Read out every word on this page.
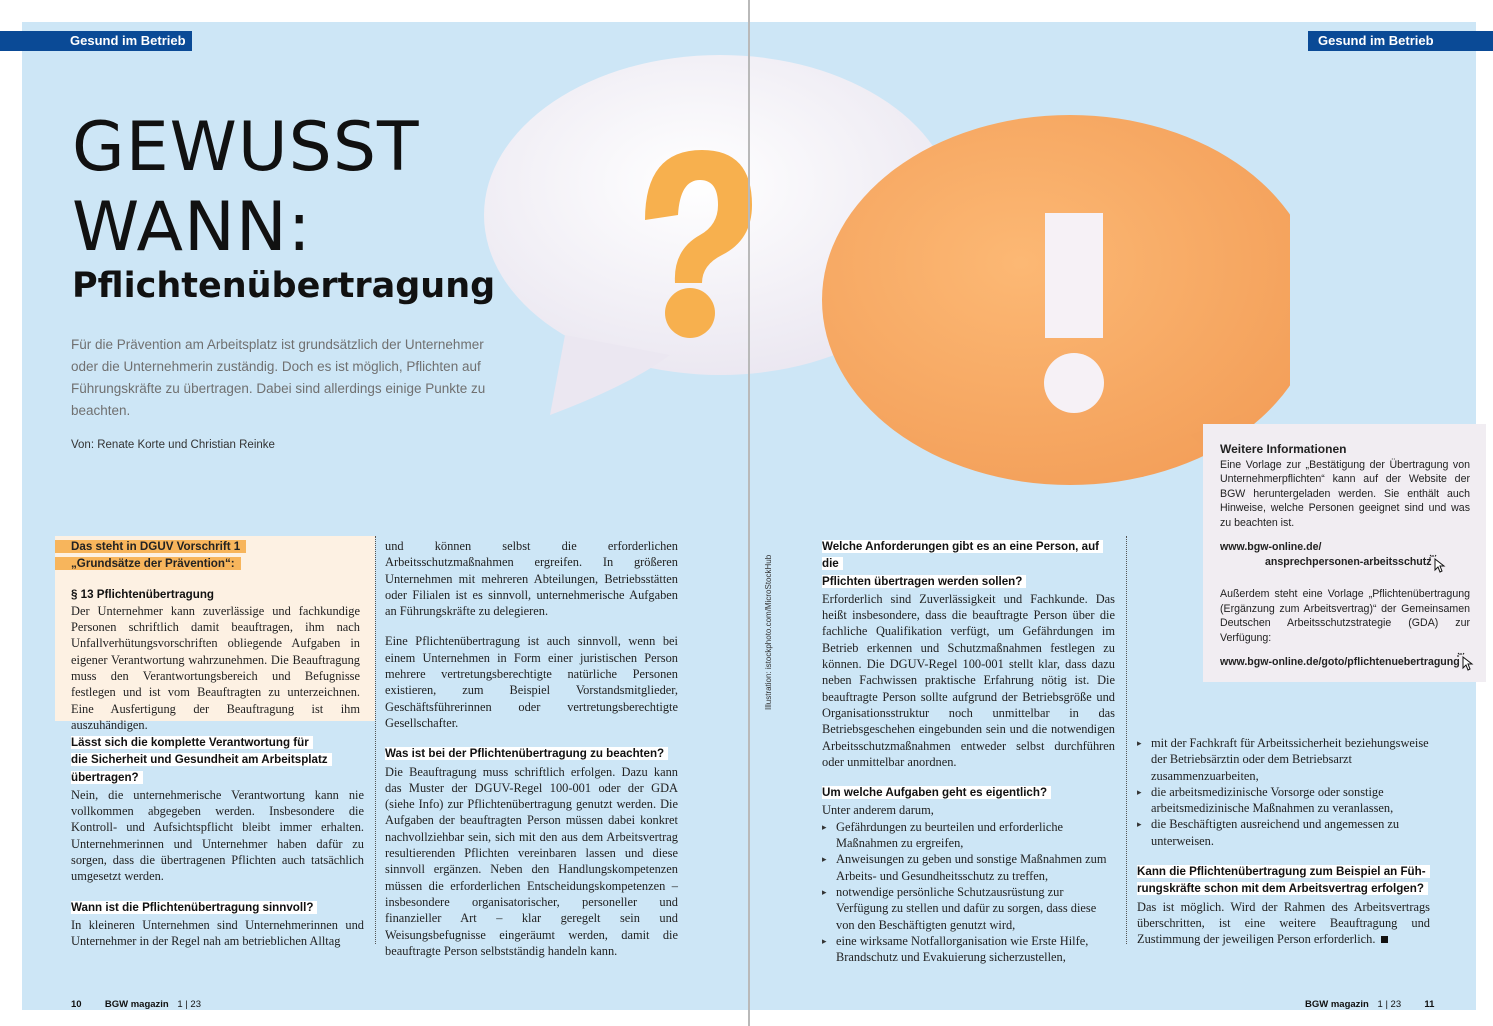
Gesund im Betrieb	Gesund im Betrieb
GEWUSST
WANN:
Pflichtenübertragung
Für die Prävention am Arbeitsplatz ist grundsätzlich der Unternehmer oder die Unternehmerin zuständig. Doch es ist möglich, Pflichten auf Führungskräfte zu übertragen. Dabei sind allerdings einige Punkte zu beachten.
Von: Renate Korte und Christian Reinke
Illustration: istockphoto.com/MicroStockHub
Das steht in DGUV Vorschrift 1
„Grundsätze der Prävention“:
§ 13 Pflichtenübertragung

Der Unternehmer kann zuverlässige und fachkundige Personen schriftlich damit beauftragen, ihm nach Unfallverhütungsvorschriften obliegende Aufgaben in eigener Verantwortung wahrzunehmen. Die Beauftragung muss den Verantwortungsbereich und Befugnisse festlegen und ist vom Beauftragten zu unterzeichnen. Eine Ausfertigung der Beauftragung ist ihm auszuhändigen.

Lässt sich die komplette Verantwortung für
die Sicherheit und Gesundheit am Arbeitsplatz
übertragen?

Nein, die unternehmerische Verantwortung kann nie vollkommen abgegeben werden. Insbesondere die Kontroll- und Aufsichtspflicht bleibt immer erhalten. Unternehmerinnen und Unternehmer haben dafür zu sorgen, dass die übertragenen Pflichten auch tatsächlich umgesetzt werden.

Wann ist die Pflichtenübertragung sinnvoll?

In kleineren Unternehmen sind Unternehmerinnen und Unternehmer in der Regel nah am betrieblichen Alltag

und können selbst die erforderlichen Arbeitsschutzmaßnahmen ergreifen. In größeren Unternehmen mit mehreren Abteilungen, Betriebsstätten oder Filialen ist es sinnvoll, unternehmerische Aufgaben an Führungskräfte zu delegieren.

Eine Pflichtenübertragung ist auch sinnvoll, wenn bei einem Unternehmen in Form einer juristischen Person mehrere vertretungsberechtigte natürliche Personen existieren, zum Beispiel Vorstandsmitglieder, Geschäftsführerinnen oder vertretungsberechtigte Gesellschafter.

Was ist bei der Pflichtenübertragung zu beachten?

Die Beauftragung muss schriftlich erfolgen. Dazu kann das Muster der DGUV-Regel 100-001 oder der GDA (siehe Info) zur Pflichtenübertragung genutzt werden. Die Aufgaben der beauftragten Person müssen dabei konkret nachvollziehbar sein, sich mit den aus dem Arbeitsvertrag resultierenden Pflichten vereinbaren lassen und diese sinnvoll ergänzen. Neben den Handlungskompetenzen müssen die erforderlichen Entscheidungskompetenzen – insbesondere organisatorischer, personeller und finanzieller Art – klar geregelt sein und Weisungsbefugnisse eingeräumt werden, damit die beauftragte Person selbstständig handeln kann.

Welche Anforderungen gibt es an eine Person, auf die
Pflichten übertragen werden sollen?

Erforderlich sind Zuverlässigkeit und Fachkunde. Das heißt insbesondere, dass die beauftragte Person über die fachliche Qualifikation verfügt, um Gefährdungen im Betrieb erkennen und Schutzmaßnahmen festlegen zu können. Die DGUV-Regel 100-001 stellt klar, dass dazu neben Fachwissen praktische Erfahrung nötig ist. Die beauftragte Person sollte aufgrund der Betriebsgröße und Organisationsstruktur noch unmittelbar in das Betriebsgeschehen eingebunden sein und die notwendigen Arbeitsschutzmaßnahmen entweder selbst durchführen oder unmittelbar anordnen.

Um welche Aufgaben geht es eigentlich?

Unter anderem darum,

▸ Gefährdungen zu beurteilen und erforderliche Maßnahmen zu ergreifen,
▸ Anweisungen zu geben und sonstige Maßnahmen zum Arbeits- und Gesundheitsschutz zu treffen,
▸ notwendige persönliche Schutzausrüstung zur Verfügung zu stellen und dafür zu sorgen, dass diese von den Beschäftigten genutzt wird,
▸ eine wirksame Notfallorganisation wie Erste Hilfe, Brandschutz und Evakuierung sicherzustellen,
▸ mit der Fachkraft für Arbeitssicherheit beziehungsweise der Betriebsärztin oder dem Betriebsarzt zusammenzuarbeiten,
▸ die arbeitsmedizinische Vorsorge oder sonstige arbeitsmedizinische Maßnahmen zu veranlassen,
▸ die Beschäftigten ausreichend und angemessen zu unterweisen.
Kann die Pflichtenübertragung zum Beispiel an Füh-
rungskräfte schon mit dem Arbeitsvertrag erfolgen?

Das ist möglich. Wird der Rahmen des Arbeitsvertrags überschritten, ist eine weitere Beauftragung und Zustimmung der jeweiligen Person erforderlich.

Weitere Informationen
Eine Vorlage zur „Bestätigung der Übertragung von Unternehmerpflichten“ kann auf der Website der BGW heruntergeladen werden. Sie enthält auch Hinweise, welche Personen geeignet sind und was zu beachten ist.
www.bgw-online.de/
ansprechpersonen-arbeitsschutz
Außerdem steht eine Vorlage „Pflichtenübertragung (Ergänzung zum Arbeitsvertrag)“ der Gemeinsamen Deutschen Arbeitsschutzstrategie (GDA) zur Verfügung:
www.bgw-online.de/goto/pflichtenuebertragung
10 BGW magazin 1 | 23	BGW magazin 1 | 23 11
